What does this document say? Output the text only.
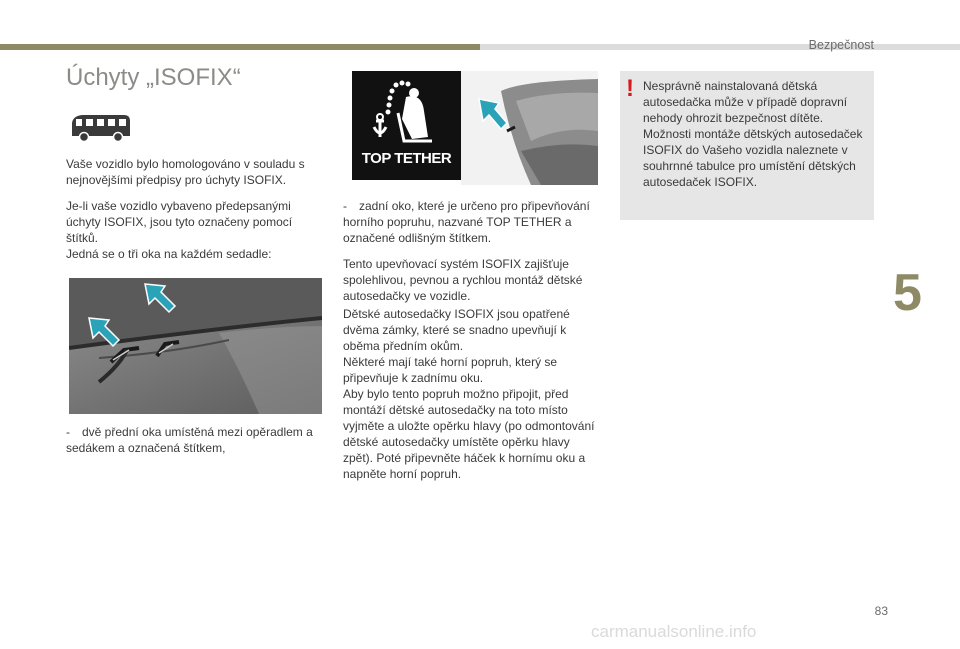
Bezpečnost
Úchyty „ISOFIX“

Vaše vozidlo bylo homologováno v souladu s nejnovějšími předpisy pro úchyty ISOFIX.

Je-li vaše vozidlo vybaveno předepsanými úchyty ISOFIX, jsou tyto označeny pomocí štítků.
Jedná se o tři oka na každém sedadle:
- dvě přední oka umístěná mezi opěradlem a sedákem a označená štítkem,
TOP TETHER
- zadní oko, které je určeno pro připevňování horního popruhu, nazvané TOP TETHER a označené odlišným štítkem.

Tento upevňovací systém ISOFIX zajišťuje spolehlivou, pevnou a rychlou montáž dětské autosedačky ve vozidle.

Dětské autosedačky ISOFIX jsou opatřené dvěma zámky, které se snadno upevňují k oběma předním okům.
Některé mají také horní popruh, který se připevňuje k zadnímu oku.
Aby bylo tento popruh možno připojit, před montáží dětské autosedačky na toto místo vyjměte a uložte opěrku hlavy (po odmontování dětské autosedačky umístěte opěrku hlavy zpět). Poté připevněte háček k hornímu oku a napněte horní popruh.
! Nesprávně nainstalovaná dětská autosedačka může v případě dopravní nehody ohrozit bezpečnost dítěte.
Možnosti montáže dětských autosedaček ISOFIX do Vašeho vozidla naleznete v souhrnné tabulce pro umístění dětských autosedaček ISOFIX.
5
83
carmanualsonline.info
